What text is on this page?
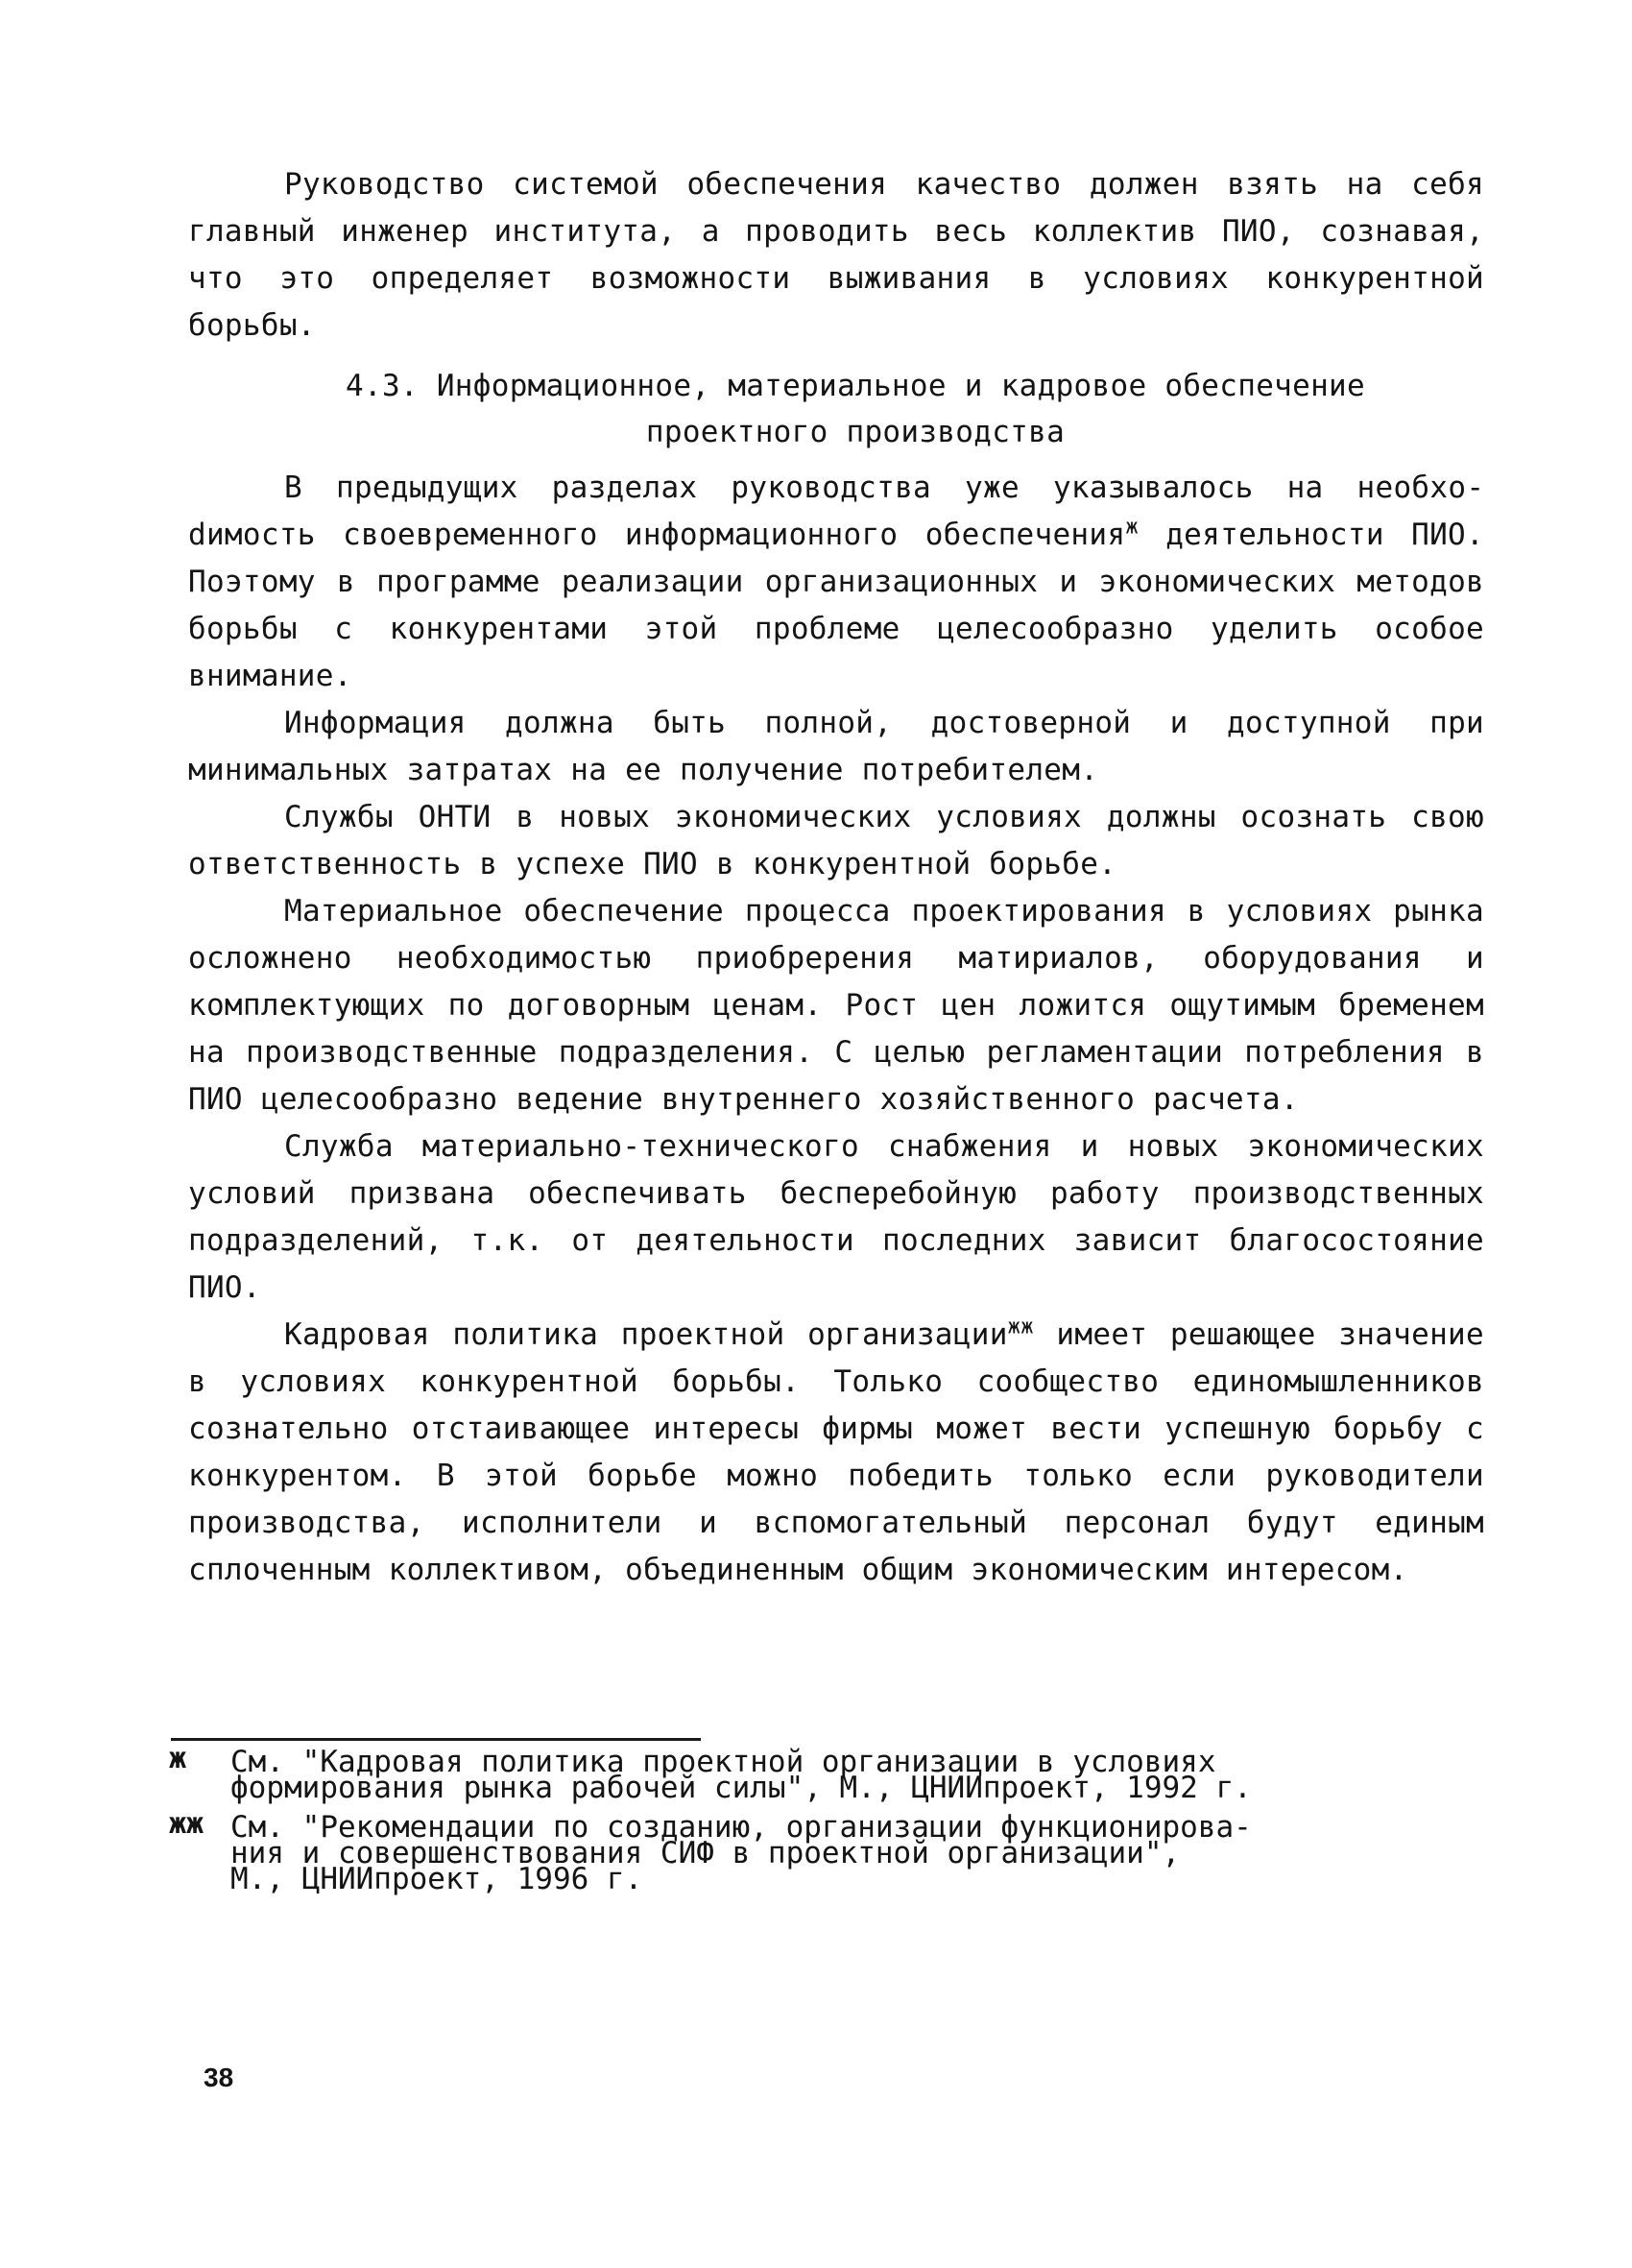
Руководство системой обеспечения качество должен взять на себя главный инженер института, а проводить весь коллектив ПИО, сознавая, что это определяет возможности выживания в условиях конкурентной борьбы.

4.3. Информационное, материальное и кадровое обеспечение
проектного производства

В предыдущих разделах руководства уже указывалось на необхоdимость своевременного информационного обеспечения$^ж$ деятельности ПИО. Поэтому в программе реализации организационных и экономических методов борьбы с конкурентами этой проблеме целесообразно уделить особое внимание.

Информация должна быть полной, достоверной и доступной при минимальных затратах на ее получение потребителем.

Службы ОНТИ в новых экономических условиях должны осознать свою ответственность в успехе ПИО в конкурентной борьбе.

Материальное обеспечение процесса проектирования в условиях рынка осложнено необходимостью приобререния матириалов, оборудования и комплектующих по договорным ценам. Рост цен ложится ощутимым бременем на производственные подразделения. С целью регламентации потребления в ПИО целесообразно ведение внутреннего хозяйственного расчета.

Служба материально-технического снабжения и новых экономических условий призвана обеспечивать бесперебойную работу производственных подразделений, т.к. от деятельности последних зависит благосостояние ПИО.

Кадровая политика проектной организации$^{жж}$ имеет решающее значение в условиях конкурентной борьбы. Только сообщество единомышленников сознательно отстаивающее интересы фирмы может вести успешную борьбу с конкурентом. В этой борьбе можно победить только если руководители производства, исполнители и вспомогательный персонал будут единым сплоченным коллективом, объединенным общим экономическим интересом.

ж См. "Кадровая политика проектной организации в условиях
формирования рынка рабочей силы", М., ЦНИИпроект, 1992 г.
жж См. "Рекомендации по созданию, организации функционирова-
ния и совершенствования СИФ в проектной организации",
М., ЦНИИпроект, 1996 г.
38
